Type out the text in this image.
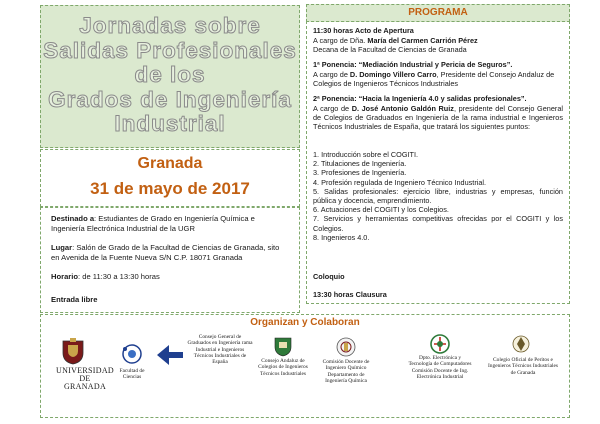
Jornadas sobre
Salidas Profesionales
de los
Grados de Ingeniería
Industrial
Granada
31 de mayo de 2017

Destinado a: Estudiantes de Grado en Ingeniería Química e Ingeniería Electrónica Industrial de la UGR

Lugar: Salón de Grado de la Facultad de Ciencias de Granada, sito en Avenida de la Fuente Nueva S/N C.P. 18071 Granada

Horario: de 11:30 a 13:30 horas

Entrada libre

PROGRAMA

11:30 horas Acto de Apertura

A cargo de Dña. María del Carmen Carrión Pérez

Decana de la Facultad de Ciencias de Granada

1ª Ponencia: “Mediación Industrial y Pericia de Seguros”.

A cargo de D. Domingo Villero Carro, Presidente del Consejo Andaluz de Colegios de Ingenieros Técnicos Industriales

2ª Ponencia: “Hacia la Ingeniería 4.0 y salidas profesionales”.

A cargo de D. José Antonio Galdón Ruiz, presidente del Consejo General de Colegios de Graduados en Ingeniería de la rama industrial e Ingenieros Técnicos Industriales de España, que tratará los siguientes puntos:

1. Introducción sobre el COGITI.
2. Titulaciones de Ingeniería.
3. Profesiones de Ingeniería.
4. Profesión regulada de Ingeniero Técnico Industrial.
5. Salidas profesionales: ejercicio libre, industrias y empresas, función pública y docencia, emprendimiento.
6. Actuaciones del COGITI y los Colegios.
7. Servicios y herramientas competitivas ofrecidas por el COGITI y los Colegios.
8. Ingenieros 4.0.

Coloquio

13:30 horas Clausura

Organizan y Colaboran
UNIVERSIDAD DE GRANADA
Facultad de Ciencias
Consejo General de Graduados en Ingeniería rama Industrial e Ingenieros Técnicos Industriales de España	Consejo Andaluz de Colegios de Ingenieros Técnicos Industriales
Comisión Docente de Ingeniero Químico Departamento de Ingeniería Química
Dpto. Electrónica y Tecnología de Computadores Comisión Docente de Ing. Electrónica Industrial
Colegio Oficial de Peritos e Ingenieros Técnicos Industriales de Granada
